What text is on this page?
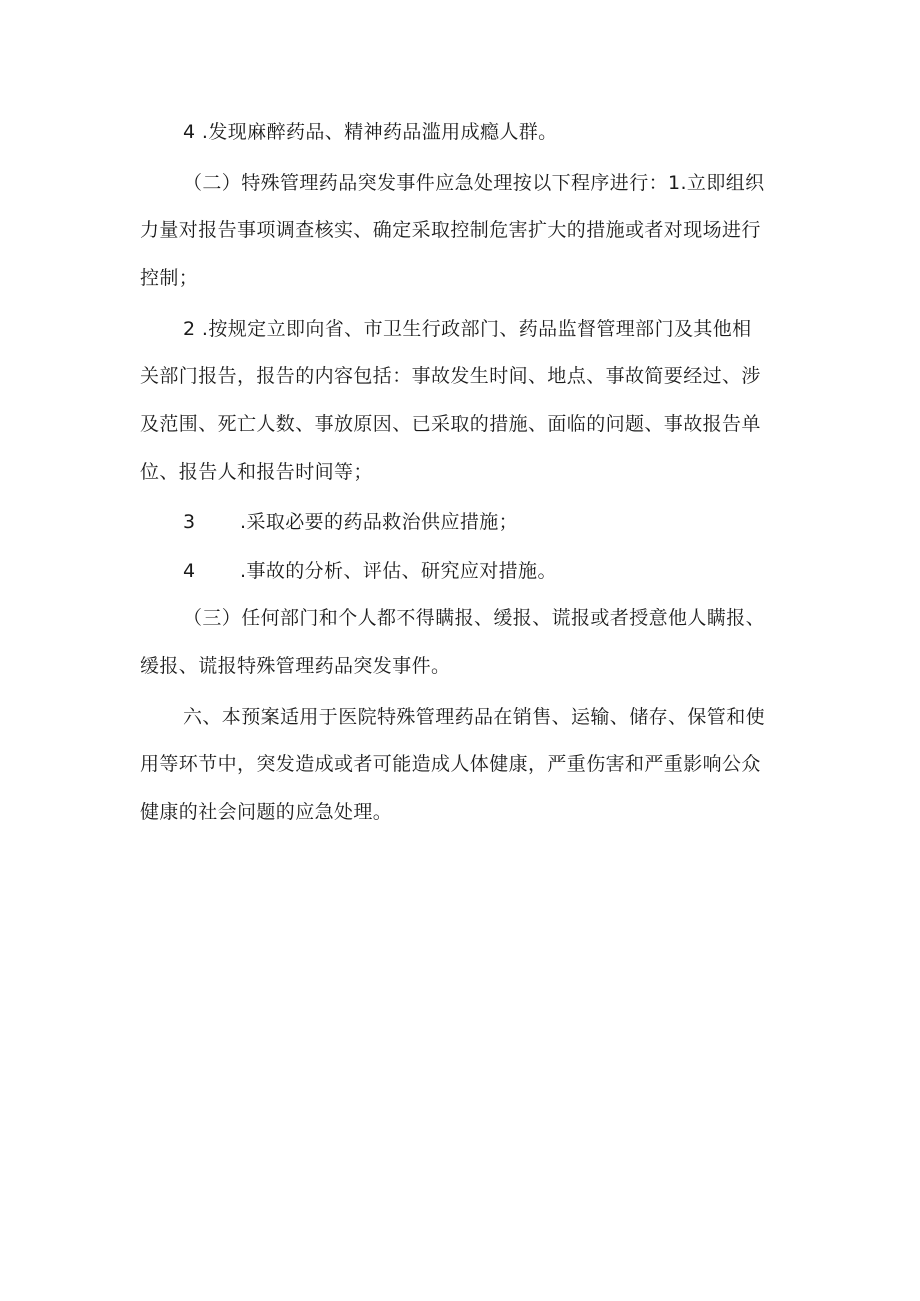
4 .发现麻醉药品、精神药品滥用成瘾人群。
（二）特殊管理药品突发事件应急处理按以下程序进行：1.立即组织
力量对报告事项调查核实、确定采取控制危害扩大的措施或者对现场进行
控制；
2 .按规定立即向省、市卫生行政部门、药品监督管理部门及其他相
关部门报告，报告的内容包括：事故发生时间、地点、事故简要经过、涉
及范围、死亡人数、事放原因、已采取的措施、面临的问题、事故报告单
位、报告人和报告时间等；
3 .采取必要的药品救治供应措施；
4 .事故的分析、评估、研究应对措施。
（三）任何部门和个人都不得瞒报、缓报、谎报或者授意他人瞒报、
缓报、谎报特殊管理药品突发事件。
六、本预案适用于医院特殊管理药品在销售、运输、储存、保管和使
用等环节中，突发造成或者可能造成人体健康，严重伤害和严重影响公众
健康的社会问题的应急处理。
